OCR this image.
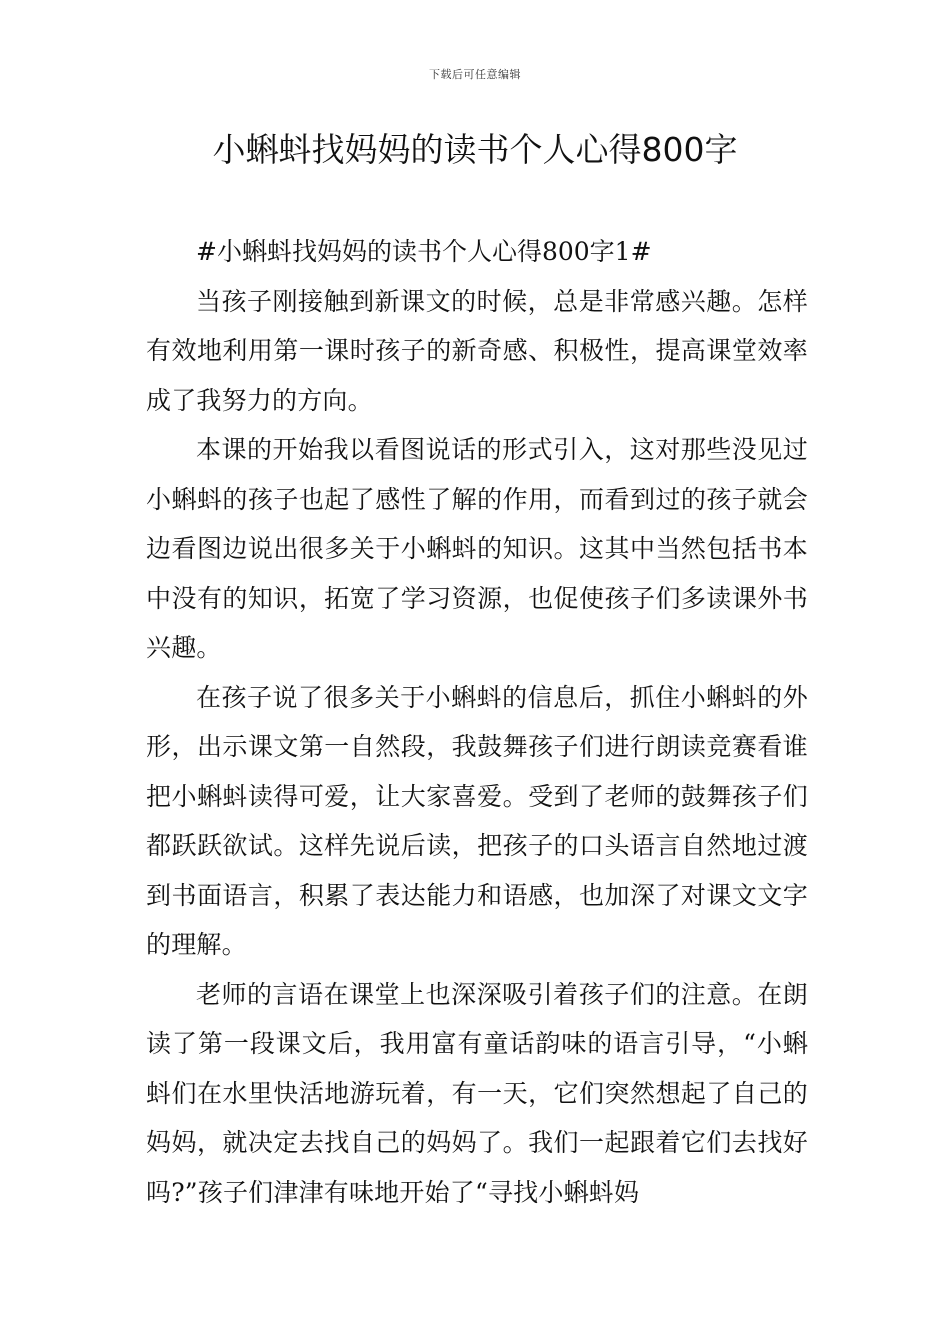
下载后可任意编辑
小蝌蚪找妈妈的读书个人心得800字

#小蝌蚪找妈妈的读书个人心得800字1#

当孩子刚接触到新课文的时候，总是非常感兴趣。怎样有效地利用第一课时孩子的新奇感、积极性，提高课堂效率成了我努力的方向。

本课的开始我以看图说话的形式引入，这对那些没见过小蝌蚪的孩子也起了感性了解的作用，而看到过的孩子就会边看图边说出很多关于小蝌蚪的知识。这其中当然包括书本中没有的知识，拓宽了学习资源，也促使孩子们多读课外书兴趣。

在孩子说了很多关于小蝌蚪的信息后，抓住小蝌蚪的外形，出示课文第一自然段，我鼓舞孩子们进行朗读竞赛看谁把小蝌蚪读得可爱，让大家喜爱。受到了老师的鼓舞孩子们都跃跃欲试。这样先说后读，把孩子的口头语言自然地过渡到书面语言，积累了表达能力和语感，也加深了对课文文字的理解。

老师的言语在课堂上也深深吸引着孩子们的注意。在朗读了第一段课文后，我用富有童话韵味的语言引导，“小蝌蚪们在水里快活地游玩着，有一天，它们突然想起了自己的妈妈，就决定去找自己的妈妈了。我们一起跟着它们去找好吗?”孩子们津津有味地开始了“寻找小蝌蚪妈
